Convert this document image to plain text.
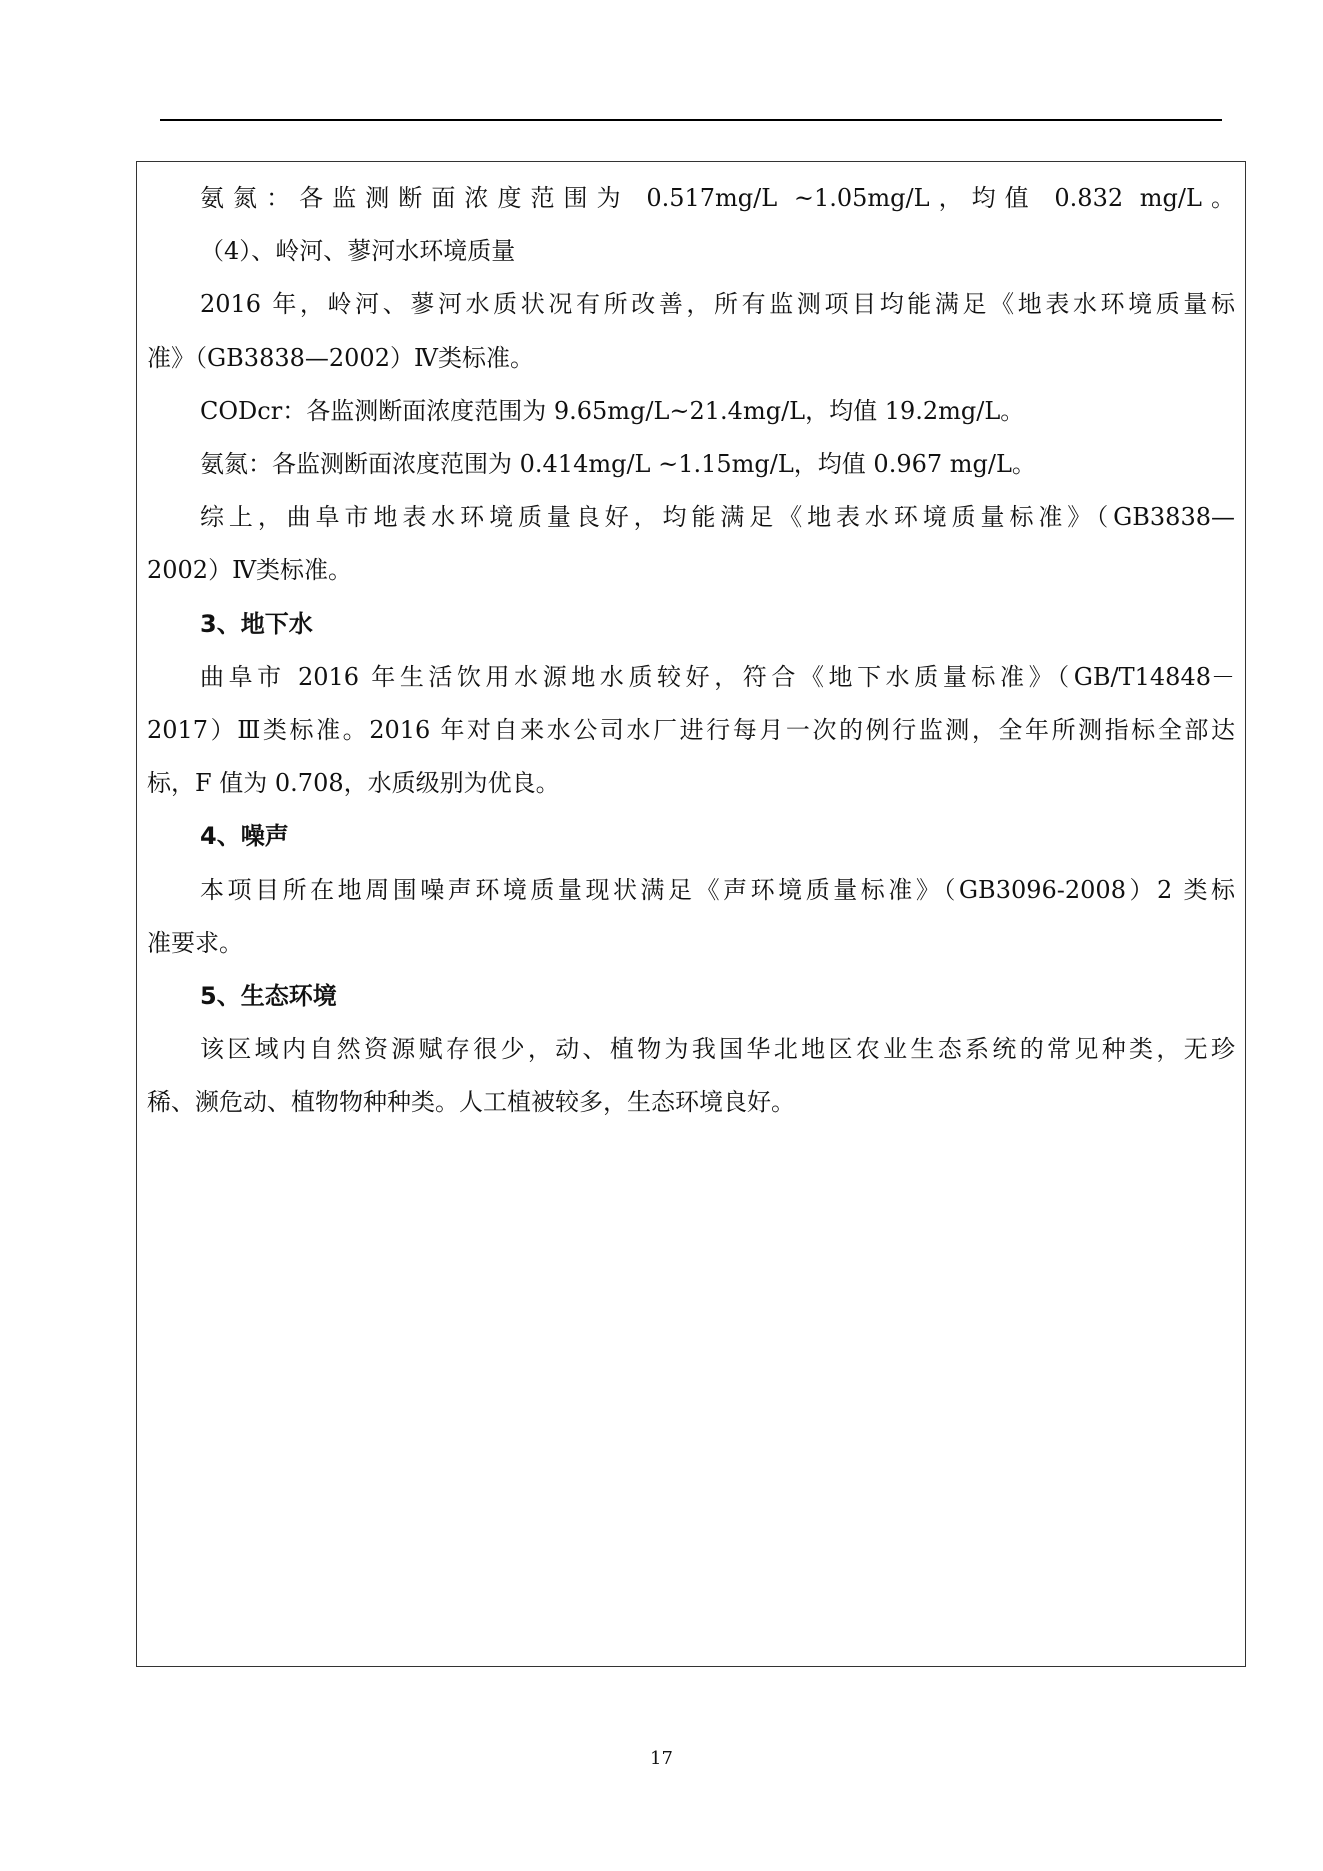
氨氮：各监测断面浓度范围为 0.517mg/L ~1.05mg/L，均值 0.832 mg/L。
（4）、岭河、蓼河水环境质量
2016 年，岭河、蓼河水质状况有所改善，所有监测项目均能满足《地表水环境质量标
准》（GB3838—2002）Ⅳ类标准。
CODcr：各监测断面浓度范围为 9.65mg/L~21.4mg/L，均值 19.2mg/L。
氨氮：各监测断面浓度范围为 0.414mg/L ~1.15mg/L，均值 0.967 mg/L。
综上，曲阜市地表水环境质量良好，均能满足《地表水环境质量标准》（GB3838—
2002）Ⅳ类标准。
3、地下水
曲阜市 2016 年生活饮用水源地水质较好，符合《地下水质量标准》（GB/T14848－
2017）Ⅲ类标准。2016 年对自来水公司水厂进行每月一次的例行监测，全年所测指标全部达
标，F 值为 0.708，水质级别为优良。
4、噪声
本项目所在地周围噪声环境质量现状满足《声环境质量标准》（GB3096-2008）2 类标
准要求。
5、生态环境
该区域内自然资源赋存很少，动、植物为我国华北地区农业生态系统的常见种类，无珍
稀、濒危动、植物物种种类。人工植被较多，生态环境良好。
17
